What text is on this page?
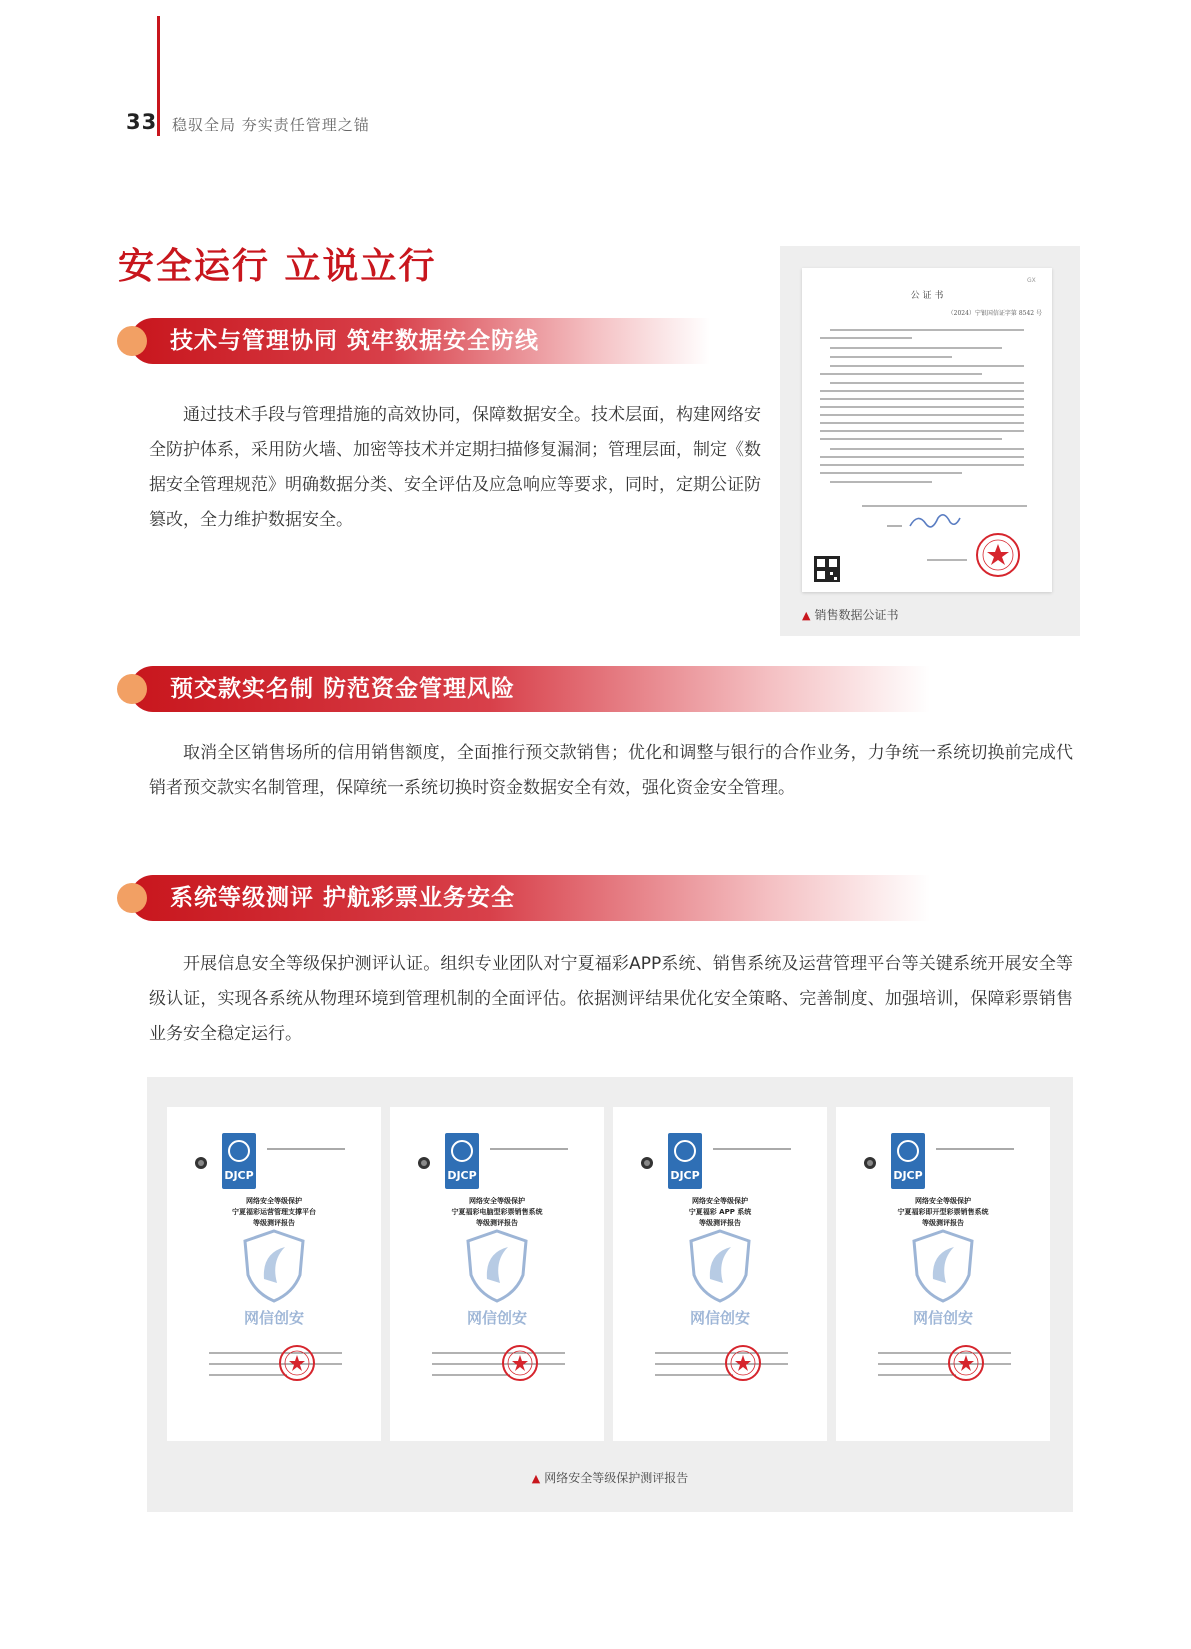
33 稳驭全局 夯实责任管理之锚
安全运行 立说立行
技术与管理协同 筑牢数据安全防线
通过技术手段与管理措施的高效协同，保障数据安全。技术层面，构建网络安全防护体系，采用防火墙、加密等技术并定期扫描修复漏洞；管理层面，制定《数据安全管理规范》明确数据分类、安全评估及应急响应等要求，同时，定期公证防篡改，全力维护数据安全。
GX
公 证 书
（2024）宁银国信证字第 8542 号
▲ 销售数据公证书
预交款实名制 防范资金管理风险
取消全区销售场所的信用销售额度，全面推行预交款销售；优化和调整与银行的合作业务，力争统一系统切换前完成代销者预交款实名制管理，保障统一系统切换时资金数据安全有效，强化资金安全管理。
系统等级测评 护航彩票业务安全
开展信息安全等级保护测评认证。组织专业团队对宁夏福彩APP系统、销售系统及运营管理平台等关键系统开展安全等级认证，实现各系统从物理环境到管理机制的全面评估。依据测评结果优化安全策略、完善制度、加强培训，保障彩票销售业务安全稳定运行。
DJCP
网络安全等级保护
宁夏福彩运营管理支撑平台
等级测评报告
网信创安
DJCP
网络安全等级保护
宁夏福彩电脑型彩票销售系统
等级测评报告
网信创安
DJCP
网络安全等级保护
宁夏福彩 APP 系统
等级测评报告
网信创安
DJCP
网络安全等级保护
宁夏福彩即开型彩票销售系统
等级测评报告
网信创安
▲ 网络安全等级保护测评报告
